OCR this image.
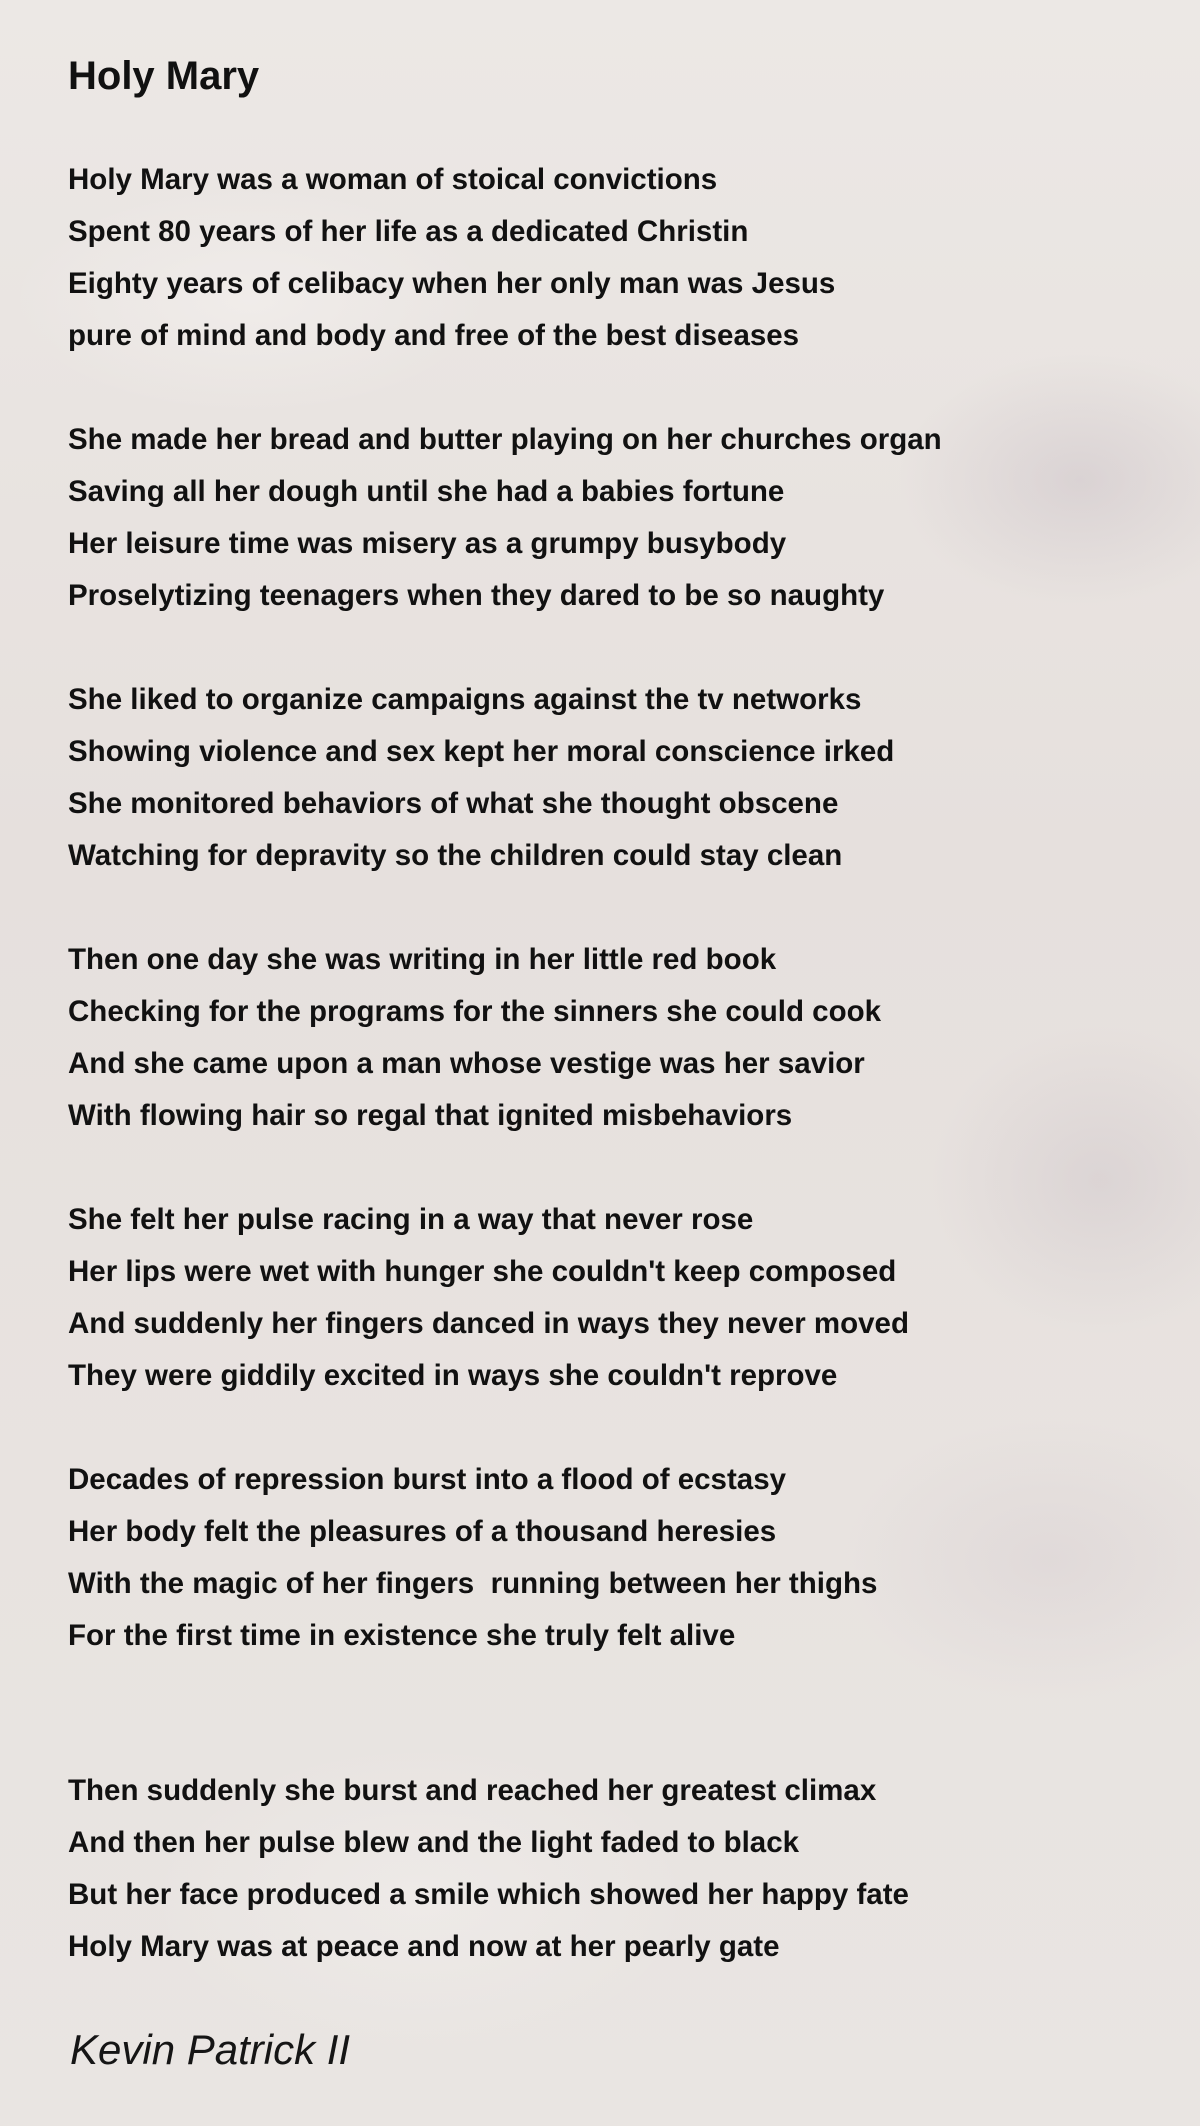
Holy Mary
Holy Mary was a woman of stoical convictions
Spent 80 years of her life as a dedicated Christin
Eighty years of celibacy when her only man was Jesus
pure of mind and body and free of the best diseases
She made her bread and butter playing on her churches organ
Saving all her dough until she had a babies fortune
Her leisure time was misery as a grumpy busybody
Proselytizing teenagers when they dared to be so naughty
She liked to organize campaigns against the tv networks
Showing violence and sex kept her moral conscience irked
She monitored behaviors of what she thought obscene
Watching for depravity so the children could stay clean
Then one day she was writing in her little red book
Checking for the programs for the sinners she could cook
And she came upon a man whose vestige was her savior
With flowing hair so regal that ignited misbehaviors
She felt her pulse racing in a way that never rose
Her lips were wet with hunger she couldn't keep composed
And suddenly her fingers danced in ways they never moved
They were giddily excited in ways she couldn't reprove
Decades of repression burst into a flood of ecstasy
Her body felt the pleasures of a thousand heresies
With the magic of her fingers  running between her thighs
For the first time in existence she truly felt alive
Then suddenly she burst and reached her greatest climax
And then her pulse blew and the light faded to black
But her face produced a smile which showed her happy fate
Holy Mary was at peace and now at her pearly gate

Kevin Patrick II
